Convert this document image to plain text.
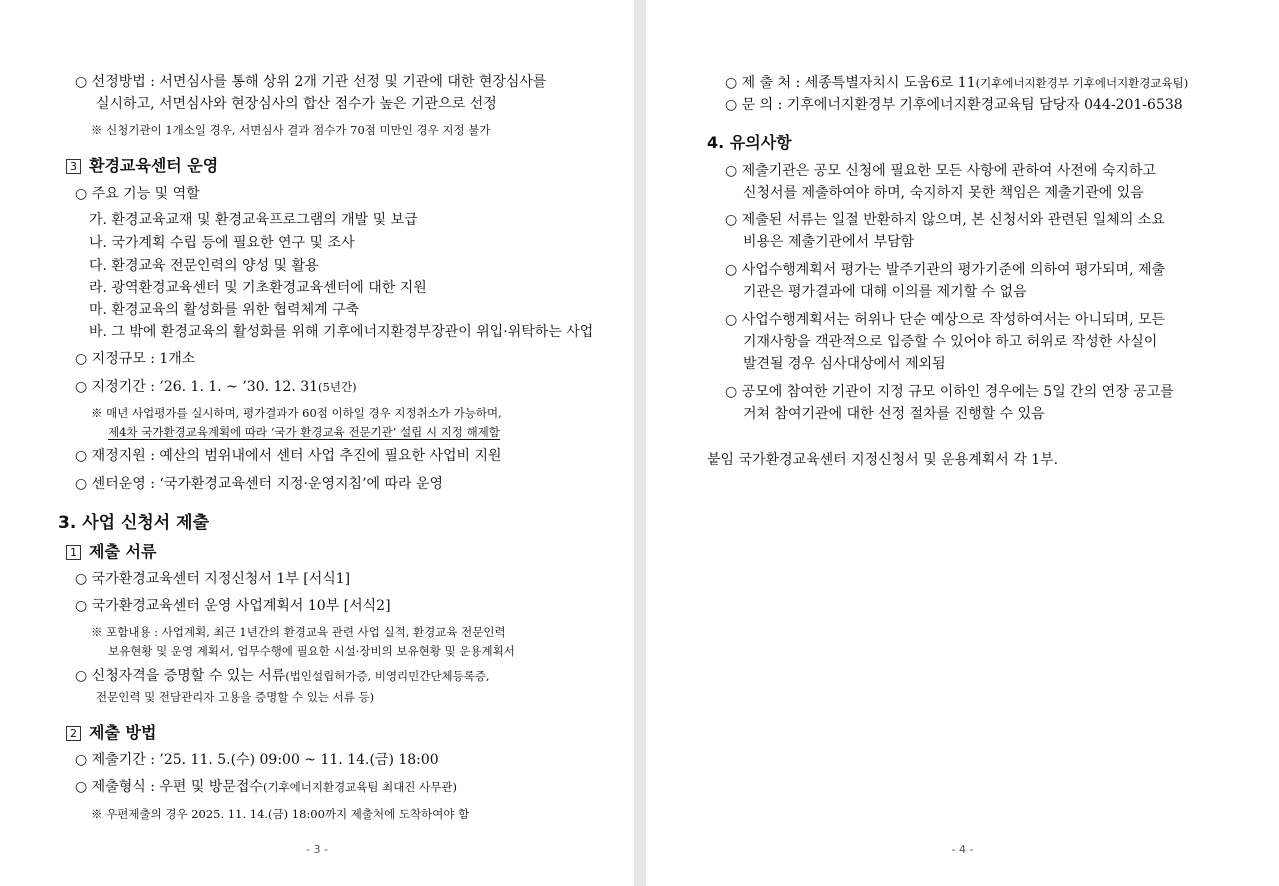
○ 선정방법 : 서면심사를 통해 상위 2개 기관 선정 및 기관에 대한 현장심사를
실시하고, 서면심사와 현장심사의 합산 점수가 높은 기관으로 선정
※ 신청기관이 1개소일 경우, 서면심사 결과 점수가 70점 미만인 경우 지정 불가
3 환경교육센터 운영
○ 주요 기능 및 역할
가. 환경교육교재 및 환경교육프로그램의 개발 및 보급
나. 국가계획 수립 등에 필요한 연구 및 조사
다. 환경교육 전문인력의 양성 및 활용
라. 광역환경교육센터 및 기초환경교육센터에 대한 지원
마. 환경교육의 활성화를 위한 협력체계 구축
바. 그 밖에 환경교육의 활성화를 위해 기후에너지환경부장관이 위입·위탁하는 사업
○ 지정규모 : 1개소
○ 지정기간 : ’26. 1. 1. ~ ’30. 12. 31(5년간)
※ 매년 사업평가를 실시하며, 평가결과가 60점 이하일 경우 지정취소가 가능하며,
제4차 국가환경교육계획에 따라 ‘국가 환경교육 전문기관’ 설립 시 지정 해제함
○ 재정지원 : 예산의 범위내에서 센터 사업 추진에 필요한 사업비 지원
○ 센터운영 : ‘국가환경교육센터 지정·운영지침’에 따라 운영
3. 사업 신청서 제출
1 제출 서류
○ 국가환경교육센터 지정신청서 1부 [서식1]
○ 국가환경교육센터 운영 사업계획서 10부 [서식2]
※ 포함내용 : 사업계획, 최근 1년간의 환경교육 관련 사업 실적, 환경교육 전문인력
보유현황 및 운영 계획서, 업무수행에 필요한 시설·장비의 보유현황 및 운용계획서
○ 신청자격을 증명할 수 있는 서류(법인설립허가증, 비영리민간단체등록증,
전문인력 및 전담관리자 고용을 증명할 수 있는 서류 등)
2 제출 방법
○ 제출기간 : ’25. 11. 5.(수) 09:00 ~ 11. 14.(금) 18:00
○ 제출형식 : 우편 및 방문접수(기후에너지환경교육팀 최대진 사무관)
※ 우편제출의 경우 2025. 11. 14.(금) 18:00까지 제출처에 도착하여야 함
- 3 -
○ 제 출 처 : 세종특별자치시 도움6로 11(기후에너지환경부 기후에너지환경교육팀)
○ 문 의 : 기후에너지환경부 기후에너지환경교육팀 담당자 044-201-6538
4. 유의사항
○ 제출기관은 공모 신청에 필요한 모든 사항에 관하여 사전에 숙지하고
신청서를 제출하여야 하며, 숙지하지 못한 책임은 제출기관에 있음
○ 제출된 서류는 일절 반환하지 않으며, 본 신청서와 관련된 일체의 소요
비용은 제출기관에서 부담함
○ 사업수행계획서 평가는 발주기관의 평가기준에 의하여 평가되며, 제출
기관은 평가결과에 대해 이의를 제기할 수 없음
○ 사업수행계획서는 허위나 단순 예상으로 작성하여서는 아니되며, 모든
기재사항을 객관적으로 입증할 수 있어야 하고 허위로 작성한 사실이
발견될 경우 심사대상에서 제외됨
○ 공모에 참여한 기관이 지정 규모 이하인 경우에는 5일 간의 연장 공고를
거쳐 참여기관에 대한 선정 절차를 진행할 수 있음
붙임 국가환경교육센터 지정신청서 및 운용계획서 각 1부.
- 4 -
